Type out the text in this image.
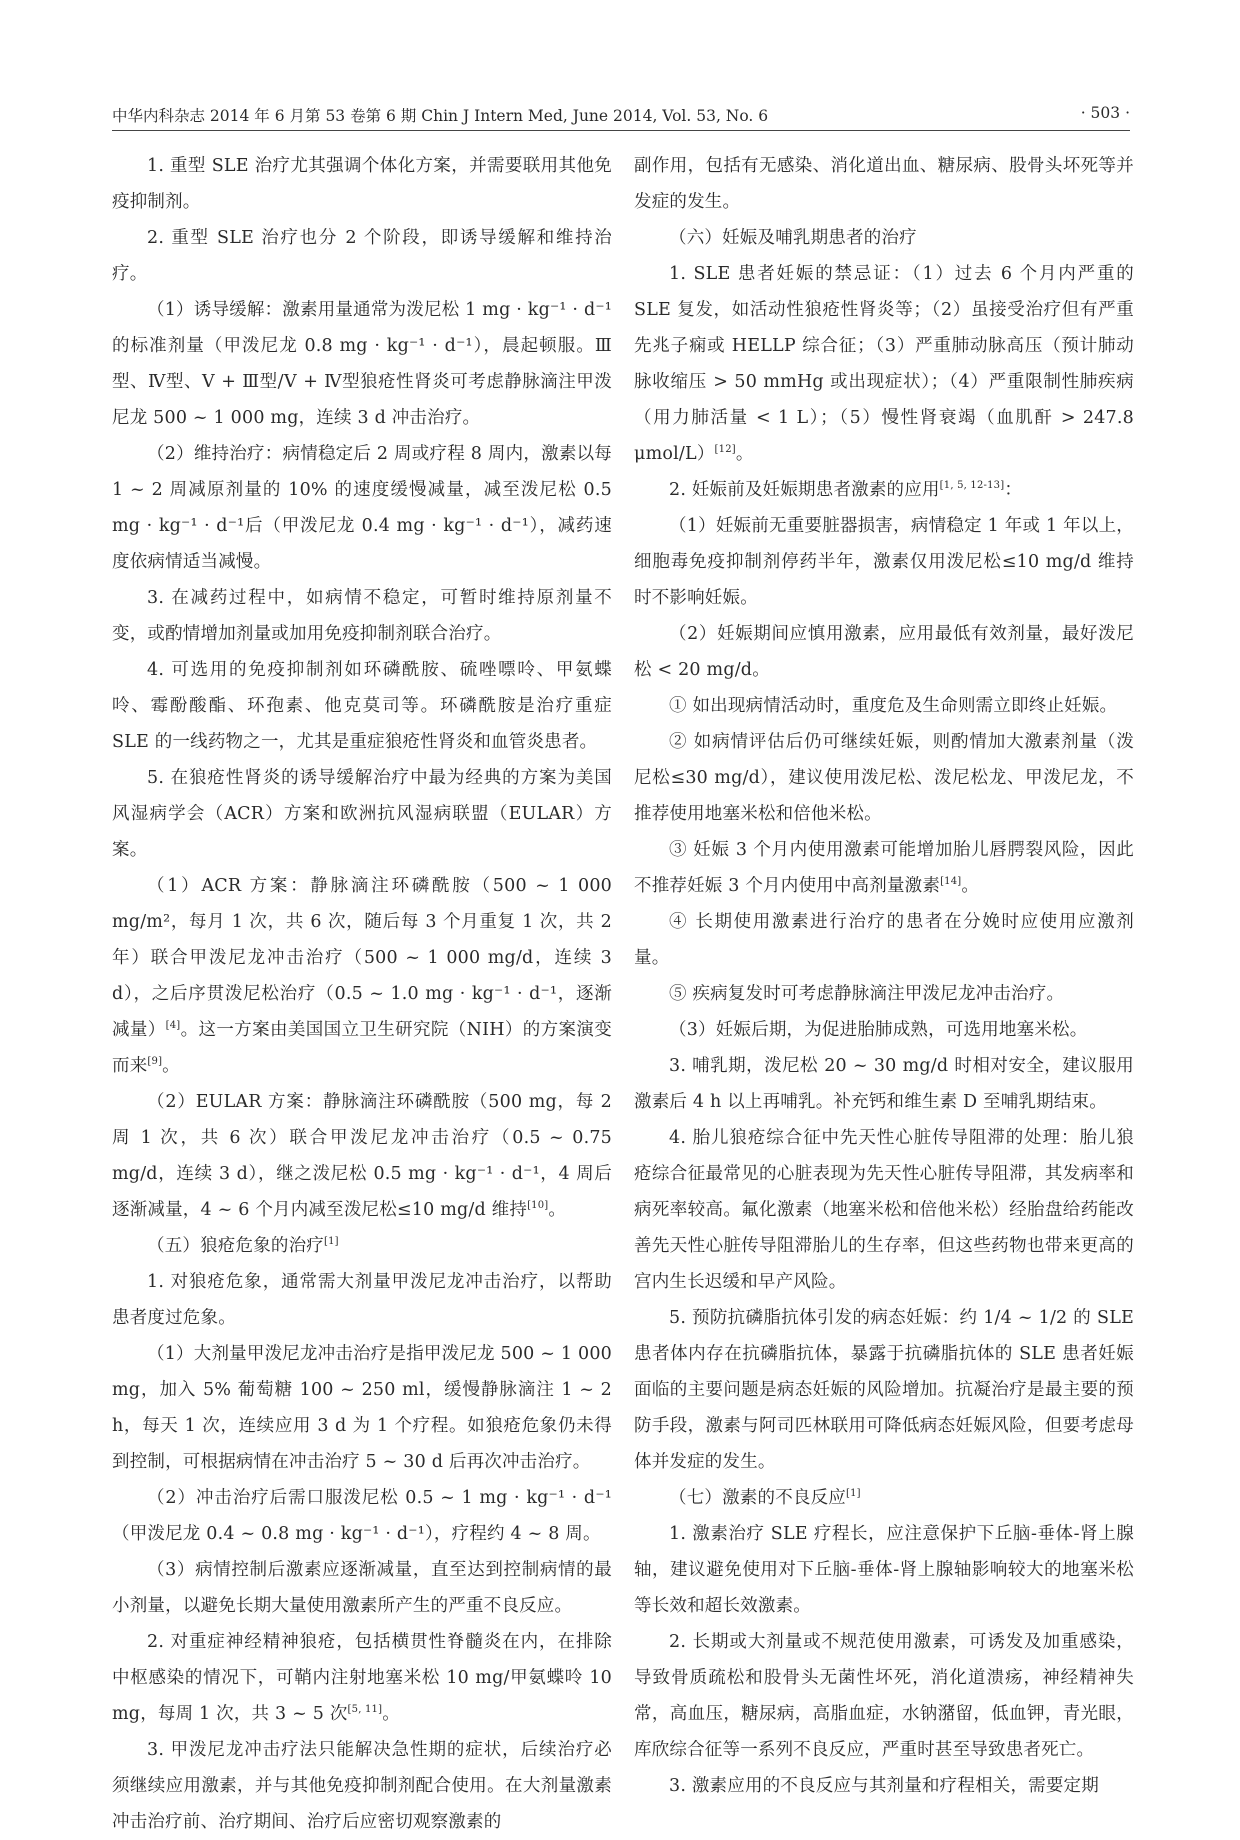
中华内科杂志 2014 年 6 月第 53 卷第 6 期 Chin J Intern Med, June 2014, Vol. 53, No. 6	· 503 ·

1. 重型 SLE 治疗尤其强调个体化方案，并需要联用其他免疫抑制剂。

2. 重型 SLE 治疗也分 2 个阶段，即诱导缓解和维持治疗。

（1）诱导缓解：激素用量通常为泼尼松 1 mg · kg⁻¹ · d⁻¹的标准剂量（甲泼尼龙 0.8 mg · kg⁻¹ · d⁻¹），晨起顿服。Ⅲ型、Ⅳ型、Ⅴ + Ⅲ型/Ⅴ + Ⅳ型狼疮性肾炎可考虑静脉滴注甲泼尼龙 500 ~ 1 000 mg，连续 3 d 冲击治疗。

（2）维持治疗：病情稳定后 2 周或疗程 8 周内，激素以每 1 ~ 2 周减原剂量的 10% 的速度缓慢减量，减至泼尼松 0.5 mg · kg⁻¹ · d⁻¹后（甲泼尼龙 0.4 mg · kg⁻¹ · d⁻¹），减药速度依病情适当减慢。

3. 在减药过程中，如病情不稳定，可暂时维持原剂量不变，或酌情增加剂量或加用免疫抑制剂联合治疗。

4. 可选用的免疫抑制剂如环磷酰胺、硫唑嘌呤、甲氨蝶呤、霉酚酸酯、环孢素、他克莫司等。环磷酰胺是治疗重症 SLE 的一线药物之一，尤其是重症狼疮性肾炎和血管炎患者。

5. 在狼疮性肾炎的诱导缓解治疗中最为经典的方案为美国风湿病学会（ACR）方案和欧洲抗风湿病联盟（EULAR）方案。

（1）ACR 方案：静脉滴注环磷酰胺（500 ~ 1 000 mg/m²，每月 1 次，共 6 次，随后每 3 个月重复 1 次，共 2 年）联合甲泼尼龙冲击治疗（500 ~ 1 000 mg/d，连续 3 d），之后序贯泼尼松治疗（0.5 ~ 1.0 mg · kg⁻¹ · d⁻¹，逐渐减量）[4]。这一方案由美国国立卫生研究院（NIH）的方案演变而来[9]。

（2）EULAR 方案：静脉滴注环磷酰胺（500 mg，每 2 周 1 次，共 6 次）联合甲泼尼龙冲击治疗（0.5 ~ 0.75 mg/d，连续 3 d），继之泼尼松 0.5 mg · kg⁻¹ · d⁻¹，4 周后逐渐减量，4 ~ 6 个月内减至泼尼松≤10 mg/d 维持[10]。

（五）狼疮危象的治疗[1]

1. 对狼疮危象，通常需大剂量甲泼尼龙冲击治疗，以帮助患者度过危象。

（1）大剂量甲泼尼龙冲击治疗是指甲泼尼龙 500 ~ 1 000 mg，加入 5% 葡萄糖 100 ~ 250 ml，缓慢静脉滴注 1 ~ 2 h，每天 1 次，连续应用 3 d 为 1 个疗程。如狼疮危象仍未得到控制，可根据病情在冲击治疗 5 ~ 30 d 后再次冲击治疗。

（2）冲击治疗后需口服泼尼松 0.5 ~ 1 mg · kg⁻¹ · d⁻¹（甲泼尼龙 0.4 ~ 0.8 mg · kg⁻¹ · d⁻¹），疗程约 4 ~ 8 周。

（3）病情控制后激素应逐渐减量，直至达到控制病情的最小剂量，以避免长期大量使用激素所产生的严重不良反应。

2. 对重症神经精神狼疮，包括横贯性脊髓炎在内，在排除中枢感染的情况下，可鞘内注射地塞米松 10 mg/甲氨蝶呤 10 mg，每周 1 次，共 3 ~ 5 次[5, 11]。

3. 甲泼尼龙冲击疗法只能解决急性期的症状，后续治疗必须继续应用激素，并与其他免疫抑制剂配合使用。在大剂量激素冲击治疗前、治疗期间、治疗后应密切观察激素的

副作用，包括有无感染、消化道出血、糖尿病、股骨头坏死等并发症的发生。

（六）妊娠及哺乳期患者的治疗

1. SLE 患者妊娠的禁忌证：（1）过去 6 个月内严重的 SLE 复发，如活动性狼疮性肾炎等；（2）虽接受治疗但有严重先兆子痫或 HELLP 综合征；（3）严重肺动脉高压（预计肺动脉收缩压 > 50 mmHg 或出现症状）；（4）严重限制性肺疾病（用力肺活量 < 1 L）；（5）慢性肾衰竭（血肌酐 > 247.8 μmol/L）[12]。

2. 妊娠前及妊娠期患者激素的应用[1, 5, 12-13]：

（1）妊娠前无重要脏器损害，病情稳定 1 年或 1 年以上，细胞毒免疫抑制剂停药半年，激素仅用泼尼松≤10 mg/d 维持时不影响妊娠。

（2）妊娠期间应慎用激素，应用最低有效剂量，最好泼尼松 < 20 mg/d。

① 如出现病情活动时，重度危及生命则需立即终止妊娠。

② 如病情评估后仍可继续妊娠，则酌情加大激素剂量（泼尼松≤30 mg/d），建议使用泼尼松、泼尼松龙、甲泼尼龙，不推荐使用地塞米松和倍他米松。

③ 妊娠 3 个月内使用激素可能增加胎儿唇腭裂风险，因此不推荐妊娠 3 个月内使用中高剂量激素[14]。

④ 长期使用激素进行治疗的患者在分娩时应使用应激剂量。

⑤ 疾病复发时可考虑静脉滴注甲泼尼龙冲击治疗。

（3）妊娠后期，为促进胎肺成熟，可选用地塞米松。

3. 哺乳期，泼尼松 20 ~ 30 mg/d 时相对安全，建议服用激素后 4 h 以上再哺乳。补充钙和维生素 D 至哺乳期结束。

4. 胎儿狼疮综合征中先天性心脏传导阻滞的处理：胎儿狼疮综合征最常见的心脏表现为先天性心脏传导阻滞，其发病率和病死率较高。氟化激素（地塞米松和倍他米松）经胎盘给药能改善先天性心脏传导阻滞胎儿的生存率，但这些药物也带来更高的宫内生长迟缓和早产风险。

5. 预防抗磷脂抗体引发的病态妊娠：约 1/4 ~ 1/2 的 SLE 患者体内存在抗磷脂抗体，暴露于抗磷脂抗体的 SLE 患者妊娠面临的主要问题是病态妊娠的风险增加。抗凝治疗是最主要的预防手段，激素与阿司匹林联用可降低病态妊娠风险，但要考虑母体并发症的发生。

（七）激素的不良反应[1]

1. 激素治疗 SLE 疗程长，应注意保护下丘脑-垂体-肾上腺轴，建议避免使用对下丘脑-垂体-肾上腺轴影响较大的地塞米松等长效和超长效激素。

2. 长期或大剂量或不规范使用激素，可诱发及加重感染，导致骨质疏松和股骨头无菌性坏死，消化道溃疡，神经精神失常，高血压，糖尿病，高脂血症，水钠潴留，低血钾，青光眼，库欣综合征等一系列不良反应，严重时甚至导致患者死亡。

3. 激素应用的不良反应与其剂量和疗程相关，需要定期
